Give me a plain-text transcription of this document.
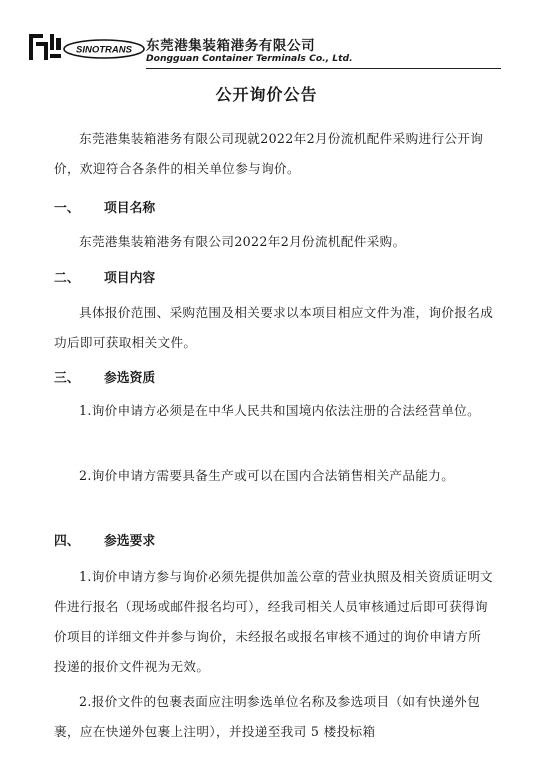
SINOTRANS 东莞港集装箱港务有限公司
Dongguan Container Terminals Co., Ltd.
公开询价公告

东莞港集装箱港务有限公司现就2022年2月份流机配件采购进行公开询价，欢迎符合各条件的相关单位参与询价。

一、 项目名称

东莞港集装箱港务有限公司2022年2月份流机配件采购。

二、 项目内容

具体报价范围、采购范围及相关要求以本项目相应文件为准，询价报名成功后即可获取相关文件。

三、 参选资质

1.询价申请方必须是在中华人民共和国境内依法注册的合法经营单位。

2.询价申请方需要具备生产或可以在国内合法销售相关产品能力。

四、 参选要求

1.询价申请方参与询价必须先提供加盖公章的营业执照及相关资质证明文件进行报名（现场或邮件报名均可），经我司相关人员审核通过后即可获得询价项目的详细文件并参与询价，未经报名或报名审核不通过的询价申请方所投递的报价文件视为无效。

2.报价文件的包裹表面应注明参选单位名称及参选项目（如有快递外包裹，应在快递外包裹上注明），并投递至我司 5 楼投标箱
